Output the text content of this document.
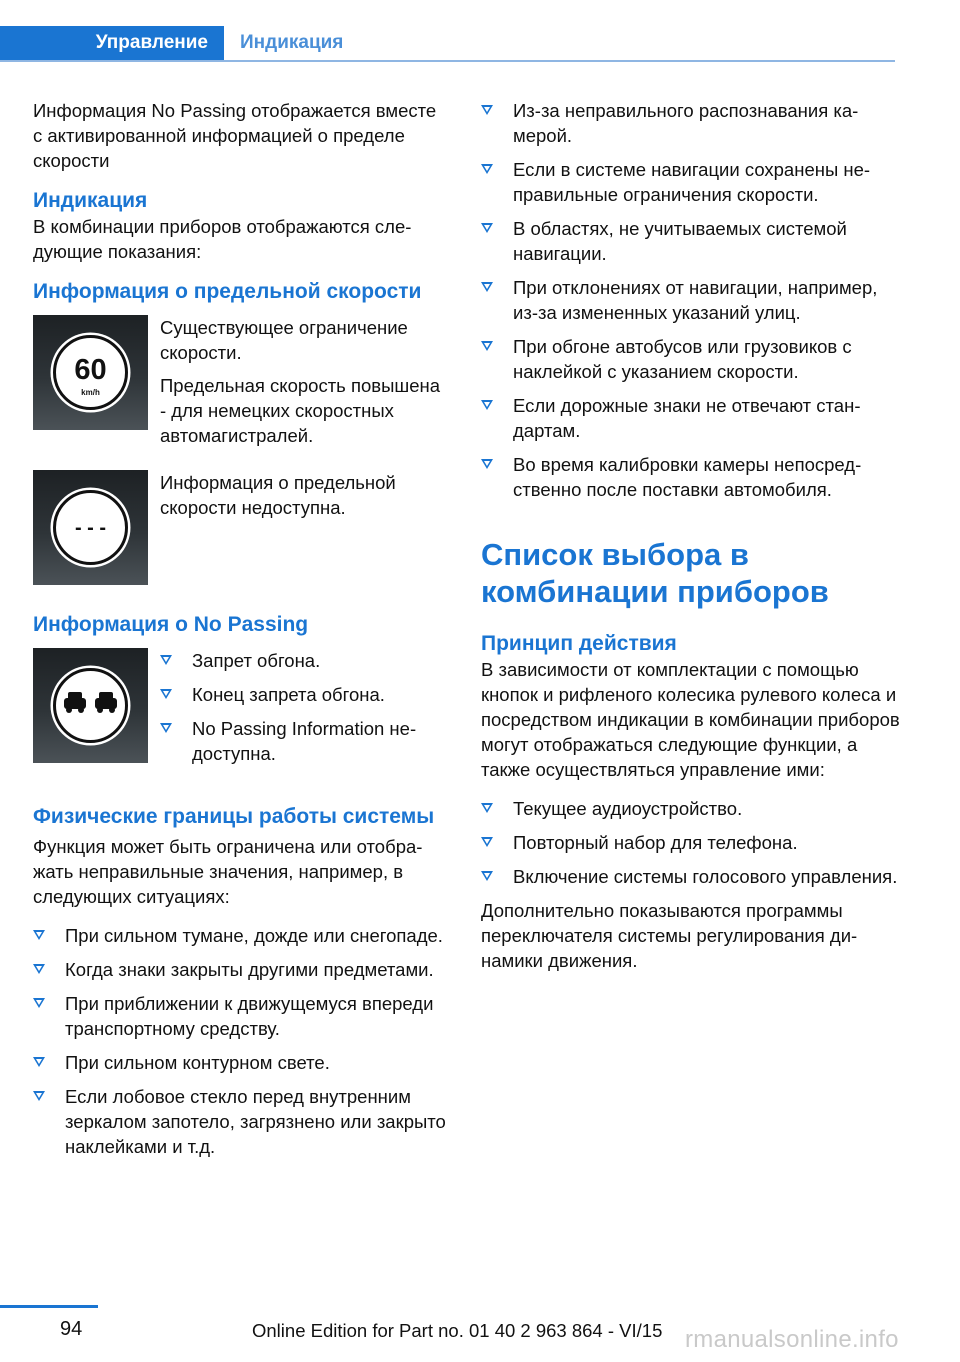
Управление	Индикация

Информация No Passing отображается вместе с активированной информацией о пределе скорости

Индикация

В комбинации приборов отображаются следующие показания:

Информация о предельной скорости
60
km/h

Существующее ограничение скорости.

Предельная скорость повышена - для немецких скоростных автомагистралей.

- - -

Информация о предельной скорости недоступна.

Информация о No Passing
Запрет обгона.
Конец запрета обгона.
No Passing Information недоступна.
Физические границы работы системы

Функция может быть ограничена или отображать неправильные значения, например, в следующих ситуациях:

При сильном тумане, дожде или снегопаде.
Когда знаки закрыты другими предметами.
При приближении к движущемуся впереди транспортному средству.
При сильном контурном свете.
Если лобовое стекло перед внутренним зеркалом запотело, загрязнено или закрыто наклейками и т.д.
Из-за неправильного распознавания камерой.
Если в системе навигации сохранены неправильные ограничения скорости.
В областях, не учитываемых системой навигации.
При отклонениях от навигации, например, из-за измененных указаний улиц.
При обгоне автобусов или грузовиков с наклейкой с указанием скорости.
Если дорожные знаки не отвечают стандартам.
Во время калибровки камеры непосредственно после поставки автомобиля.
Список выбора в комбинации приборов
Принцип действия

В зависимости от комплектации с помощью кнопок и рифленого колесика рулевого колеса и посредством индикации в комбинации приборов могут отображаться следующие функции, а также осуществляться управление ими:

Текущее аудиоустройство.
Повторный набор для телефона.
Включение системы голосового управления.

Дополнительно показываются программы переключателя системы регулирования динамики движения.

94	Online Edition for Part no. 01 40 2 963 864 - VI/15 rmanualsonline.info
